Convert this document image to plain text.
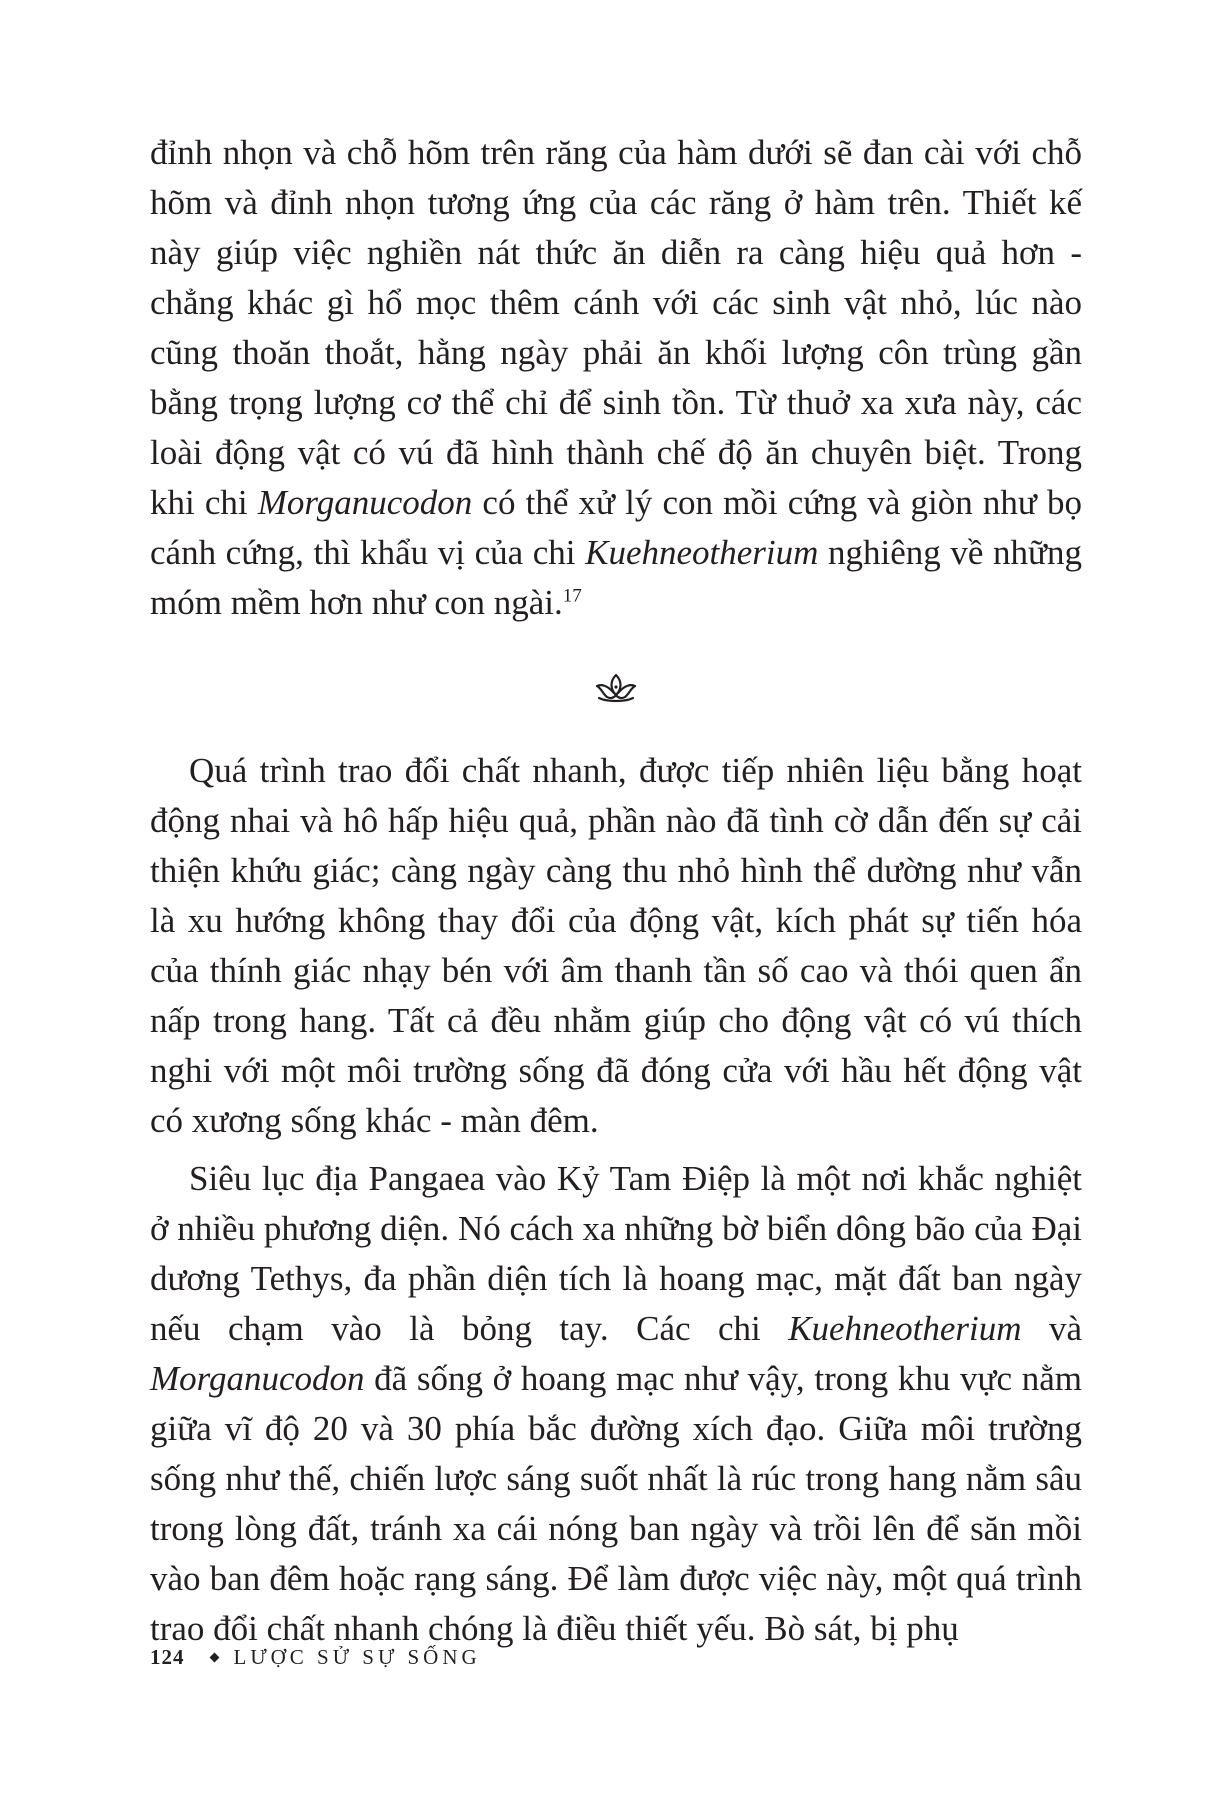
đỉnh nhọn và chỗ hõm trên răng của hàm dưới sẽ đan cài với chỗ hõm và đỉnh nhọn tương ứng của các răng ở hàm trên. Thiết kế này giúp việc nghiền nát thức ăn diễn ra càng hiệu quả hơn - chẳng khác gì hổ mọc thêm cánh với các sinh vật nhỏ, lúc nào cũng thoăn thoắt, hằng ngày phải ăn khối lượng côn trùng gần bằng trọng lượng cơ thể chỉ để sinh tồn. Từ thuở xa xưa này, các loài động vật có vú đã hình thành chế độ ăn chuyên biệt. Trong khi chi Morganucodon có thể xử lý con mồi cứng và giòn như bọ cánh cứng, thì khẩu vị của chi Kuehneotherium nghiêng về những móm mềm hơn như con ngài.$^{17}$

Quá trình trao đổi chất nhanh, được tiếp nhiên liệu bằng hoạt động nhai và hô hấp hiệu quả, phần nào đã tình cờ dẫn đến sự cải thiện khứu giác; càng ngày càng thu nhỏ hình thể dường như vẫn là xu hướng không thay đổi của động vật, kích phát sự tiến hóa của thính giác nhạy bén với âm thanh tần số cao và thói quen ẩn nấp trong hang. Tất cả đều nhằm giúp cho động vật có vú thích nghi với một môi trường sống đã đóng cửa với hầu hết động vật có xương sống khác - màn đêm.

Siêu lục địa Pangaea vào Kỷ Tam Điệp là một nơi khắc nghiệt ở nhiều phương diện. Nó cách xa những bờ biển dông bão của Đại dương Tethys, đa phần diện tích là hoang mạc, mặt đất ban ngày nếu chạm vào là bỏng tay. Các chi Kuehneotherium và Morganucodon đã sống ở hoang mạc như vậy, trong khu vực nằm giữa vĩ độ 20 và 30 phía bắc đường xích đạo. Giữa môi trường sống như thế, chiến lược sáng suốt nhất là rúc trong hang nằm sâu trong lòng đất, tránh xa cái nóng ban ngày và trồi lên để săn mồi vào ban đêm hoặc rạng sáng. Để làm được việc này, một quá trình trao đổi chất nhanh chóng là điều thiết yếu. Bò sát, bị phụ

124 LƯỢC SỬ SỰ SỐNG
